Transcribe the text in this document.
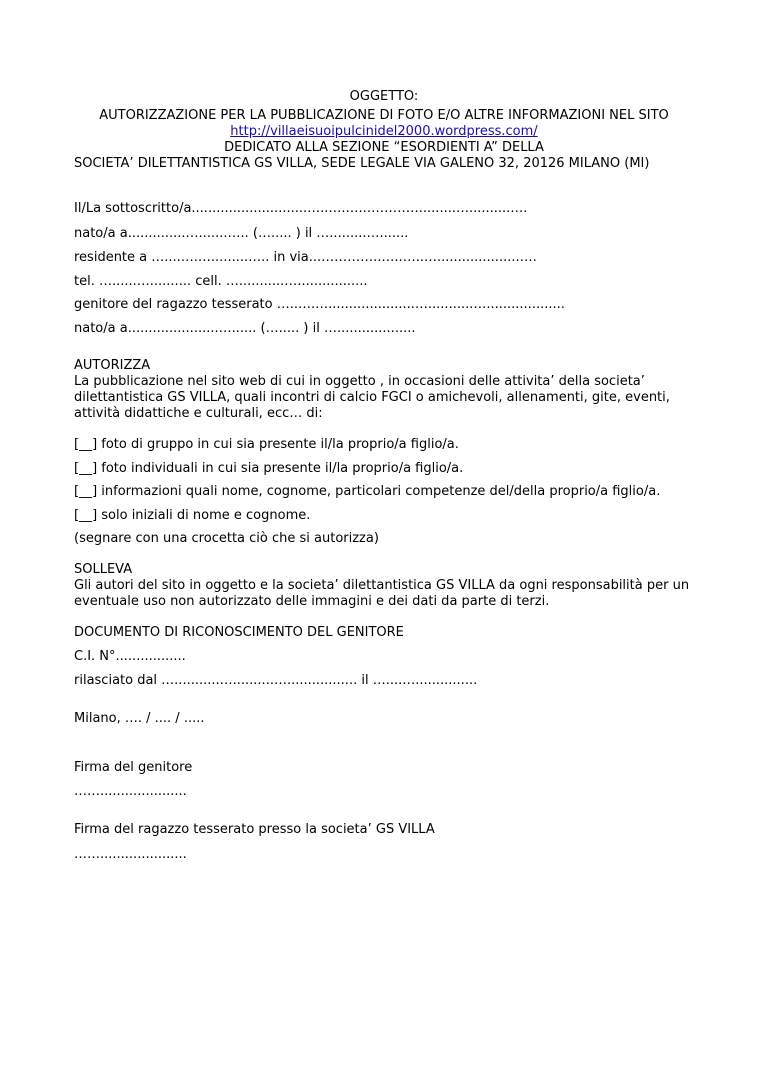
OGGETTO:
AUTORIZZAZIONE PER LA PUBBLICAZIONE DI FOTO E/O ALTRE INFORMAZIONI NEL SITO
http://villaeisuoipulcinidel2000.wordpress.com/
DEDICATO ALLA SEZIONE “ESORDIENTI A” DELLA
SOCIETA’ DILETTANTISTICA GS VILLA, SEDE LEGALE VIA GALENO 32, 20126 MILANO (MI)
Il/La sottoscritto/a............................…..….…..………….........…..........….
nato/a a..............….......….. (…..... ) il ….........….......
residente a …....….….........….. in via...…………..…..…..…....................….
tel. …......….......... cell. …...........….................
genitore del ragazzo tesserato …..….….....................…...........…...................
nato/a a......................…...... (…..... ) il …...................
AUTORIZZA
La pubblicazione nel sito web di cui in oggetto , in occasioni delle attivita’ della societa’
dilettantistica GS VILLA, quali incontri di calcio FGCI o amichevoli, allenamenti, gite, eventi,
attività didattiche e culturali, ecc… di:
[__] foto di gruppo in cui sia presente il/la proprio/a figlio/a.
[__] foto individuali in cui sia presente il/la proprio/a figlio/a.
[__] informazioni quali nome, cognome, particolari competenze del/della proprio/a figlio/a.
[__] solo iniziali di nome e cognome.
(segnare con una crocetta ciò che si autorizza)
SOLLEVA
Gli autori del sito in oggetto e la societa’ dilettantistica GS VILLA da ogni responsabilità per un
eventuale uso non autorizzato delle immagini e dei dati da parte di terzi.
DOCUMENTO DI RICONOSCIMENTO DEL GENITORE
C.I. N°.................
rilasciato dal …...........…..........…................. il …....…...............
Milano, …. / .... / .....
Firma del genitore
…….....................
Firma del ragazzo tesserato presso la societa’ GS VILLA
…….....................
